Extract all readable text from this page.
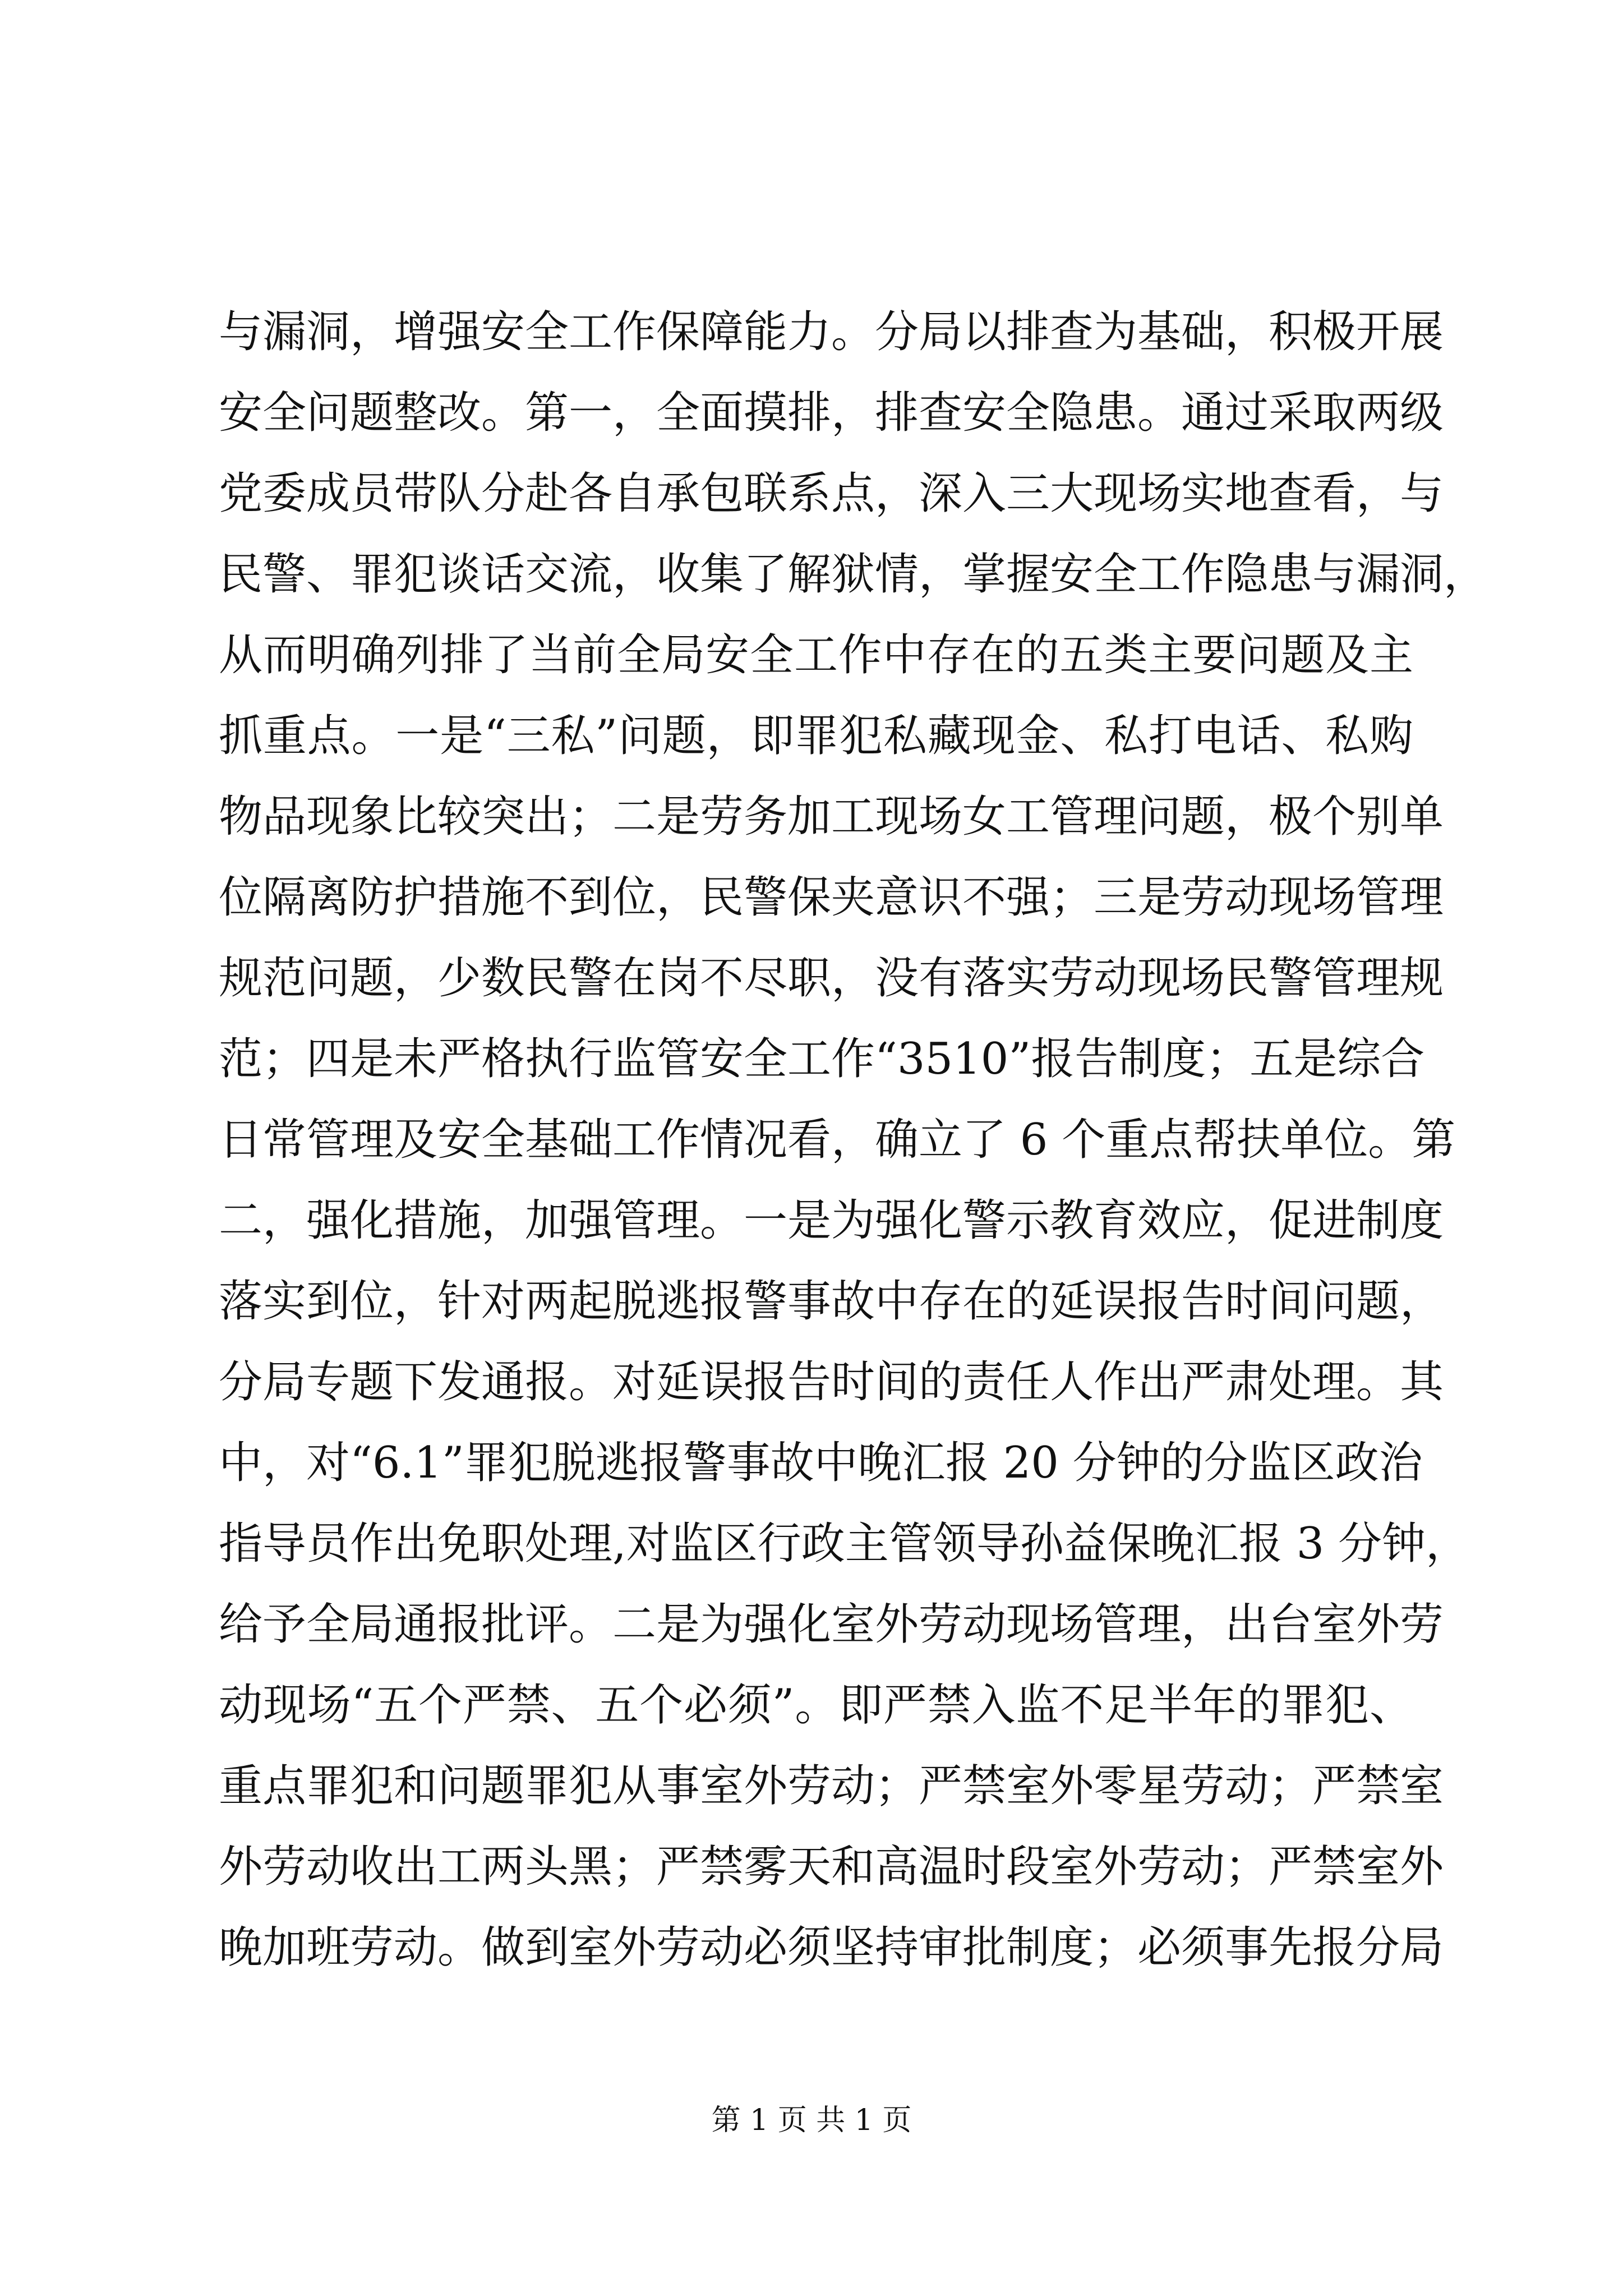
与漏洞，增强安全工作保障能力。分局以排查为基础，积极开展
安全问题整改。第一，全面摸排，排查安全隐患。通过采取两级
党委成员带队分赴各自承包联系点，深入三大现场实地查看，与
民警、罪犯谈话交流，收集了解狱情，掌握安全工作隐患与漏洞，
从而明确列排了当前全局安全工作中存在的五类主要问题及主
抓重点。一是“三私”问题，即罪犯私藏现金、私打电话、私购
物品现象比较突出；二是劳务加工现场女工管理问题，极个别单
位隔离防护措施不到位，民警保夹意识不强；三是劳动现场管理
规范问题，少数民警在岗不尽职，没有落实劳动现场民警管理规
范；四是未严格执行监管安全工作“3510”报告制度；五是综合
日常管理及安全基础工作情况看，确立了 6 个重点帮扶单位。第
二，强化措施，加强管理。一是为强化警示教育效应，促进制度
落实到位，针对两起脱逃报警事故中存在的延误报告时间问题，
分局专题下发通报。对延误报告时间的责任人作出严肃处理。其
中，对“6.1”罪犯脱逃报警事故中晚汇报 20 分钟的分监区政治
指导员作出免职处理,对监区行政主管领导孙益保晚汇报 3 分钟，
给予全局通报批评。二是为强化室外劳动现场管理，出台室外劳
动现场“五个严禁、五个必须”。即严禁入监不足半年的罪犯、
重点罪犯和问题罪犯从事室外劳动；严禁室外零星劳动；严禁室
外劳动收出工两头黑；严禁雾天和高温时段室外劳动；严禁室外
晚加班劳动。做到室外劳动必须坚持审批制度；必须事先报分局
第 1 页 共 1 页
